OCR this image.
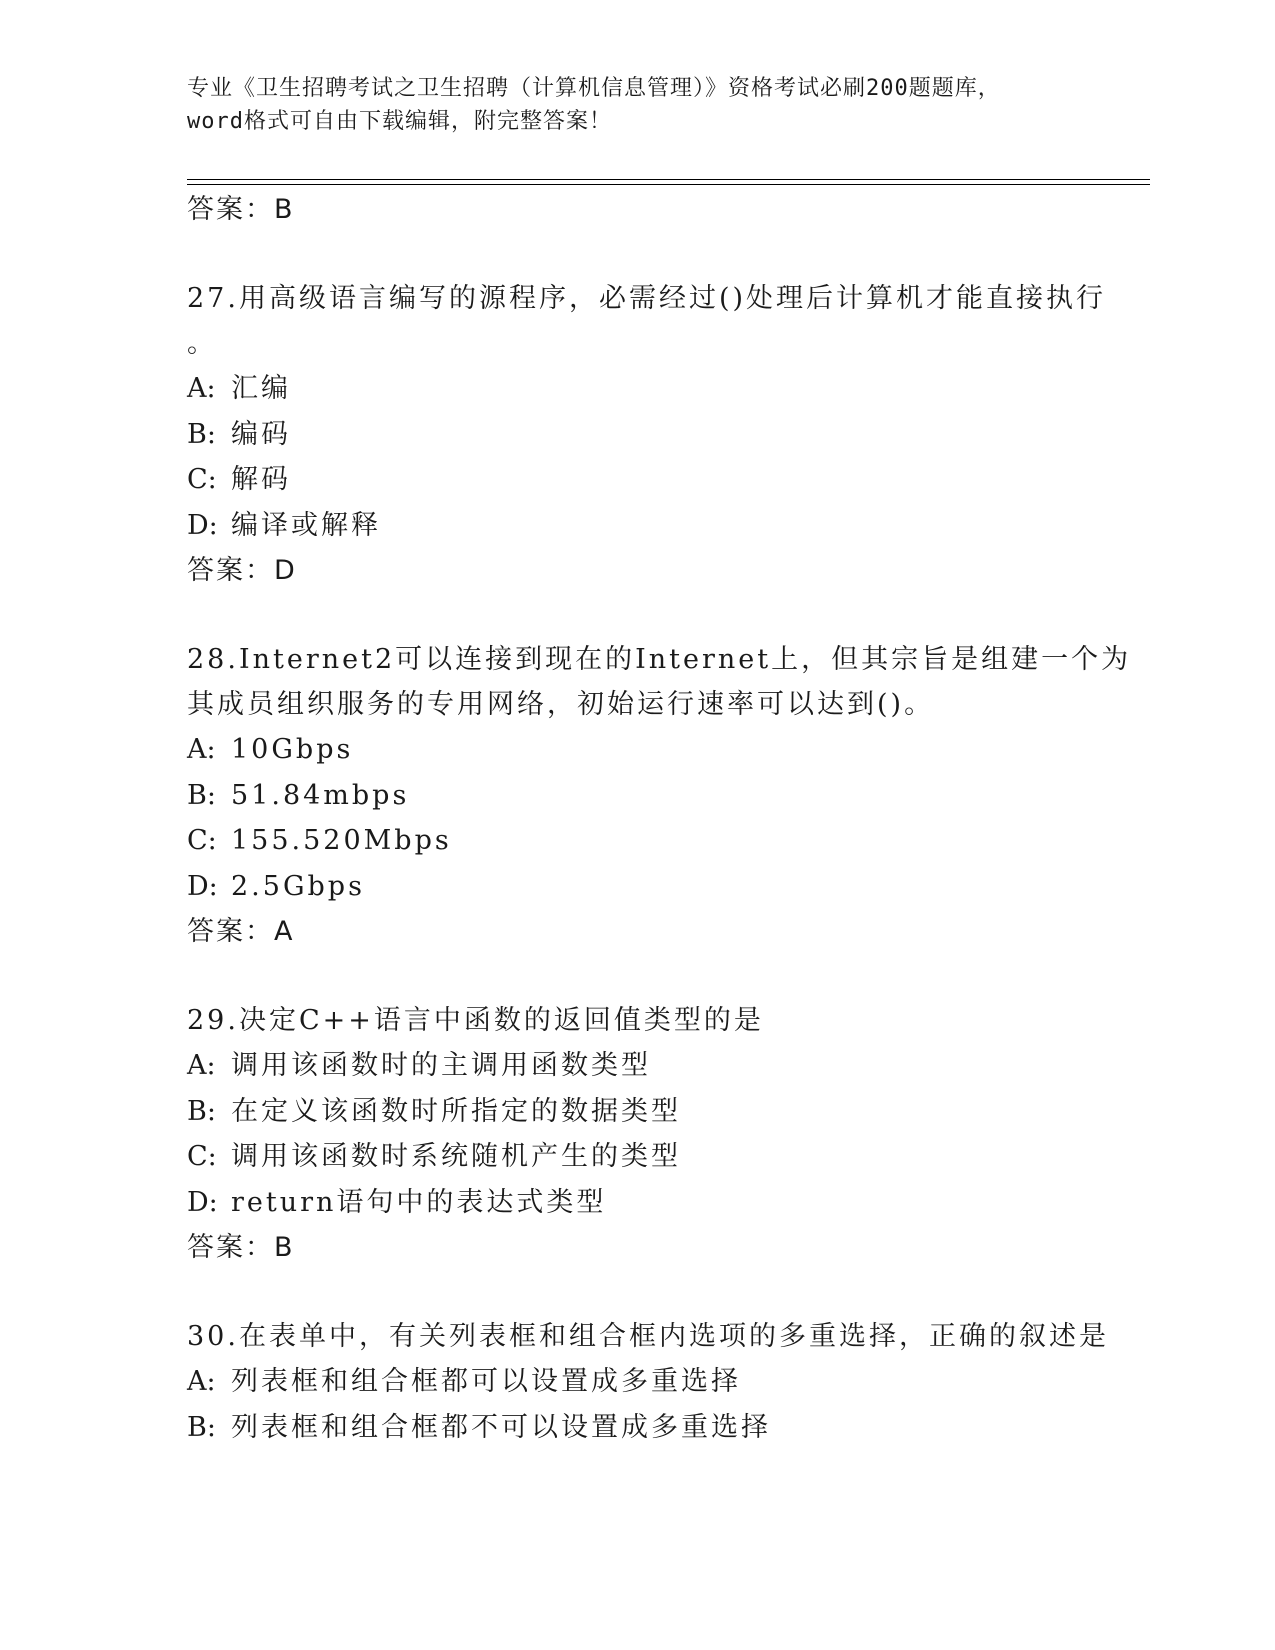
专业《卫生招聘考试之卫生招聘（计算机信息管理）》资格考试必刷200题题库，
word格式可自由下载编辑，附完整答案！
答案：B
27.用高级语言编写的源程序，必需经过()处理后计算机才能直接执行
。
A: 汇编
B: 编码
C: 解码
D: 编译或解释
答案：D
28.Internet2可以连接到现在的Internet上，但其宗旨是组建一个为
其成员组织服务的专用网络，初始运行速率可以达到()。
A: 10Gbps
B: 51.84mbps
C: 155.520Mbps
D: 2.5Gbps
答案：A
29.决定C++语言中函数的返回值类型的是
A: 调用该函数时的主调用函数类型
B: 在定义该函数时所指定的数据类型
C: 调用该函数时系统随机产生的类型
D: return语句中的表达式类型
答案：B
30.在表单中，有关列表框和组合框内选项的多重选择，正确的叙述是
A: 列表框和组合框都可以设置成多重选择
B: 列表框和组合框都不可以设置成多重选择
